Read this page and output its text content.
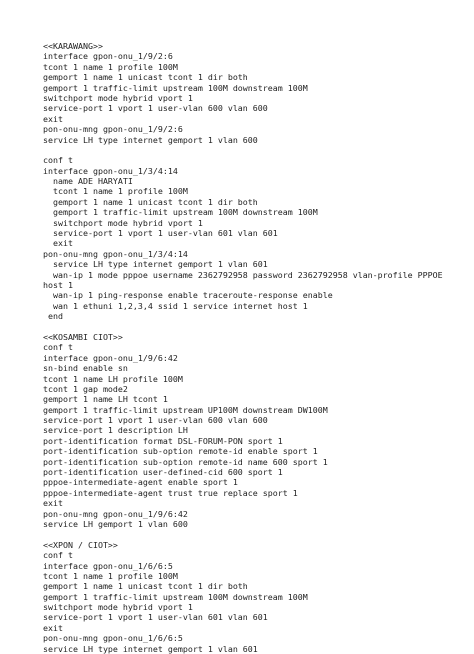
<<KARAWANG>>
interface gpon-onu_1/9/2:6
tcont 1 name 1 profile 100M
gemport 1 name 1 unicast tcont 1 dir both
gemport 1 traffic-limit upstream 100M downstream 100M
switchport mode hybrid vport 1
service-port 1 vport 1 user-vlan 600 vlan 600
exit
pon-onu-mng gpon-onu_1/9/2:6
service LH type internet gemport 1 vlan 600
conf t
interface gpon-onu_1/3/4:14
name ADE HARYATI
tcont 1 name 1 profile 100M
gemport 1 name 1 unicast tcont 1 dir both
gemport 1 traffic-limit upstream 100M downstream 100M
switchport mode hybrid vport 1
service-port 1 vport 1 user-vlan 601 vlan 601
exit
pon-onu-mng gpon-onu_1/3/4:14
service LH type internet gemport 1 vlan 601
wan-ip 1 mode pppoe username 2362792958 password 2362792958 vlan-profile PPPOE
host 1
wan-ip 1 ping-response enable traceroute-response enable
wan 1 ethuni 1,2,3,4 ssid 1 service internet host 1
end
<<KOSAMBI CIOT>>
conf t
interface gpon-onu_1/9/6:42
sn-bind enable sn
tcont 1 name LH profile 100M
tcont 1 gap mode2
gemport 1 name LH tcont 1
gemport 1 traffic-limit upstream UP100M downstream DW100M
service-port 1 vport 1 user-vlan 600 vlan 600
service-port 1 description LH
port-identification format DSL-FORUM-PON sport 1
port-identification sub-option remote-id enable sport 1
port-identification sub-option remote-id name 600 sport 1
port-identification user-defined-cid 600 sport 1
pppoe-intermediate-agent enable sport 1
pppoe-intermediate-agent trust true replace sport 1
exit
pon-onu-mng gpon-onu_1/9/6:42
service LH gemport 1 vlan 600
<<XPON / CIOT>>
conf t
interface gpon-onu_1/6/6:5
tcont 1 name 1 profile 100M
gemport 1 name 1 unicast tcont 1 dir both
gemport 1 traffic-limit upstream 100M downstream 100M
switchport mode hybrid vport 1
service-port 1 vport 1 user-vlan 601 vlan 601
exit
pon-onu-mng gpon-onu_1/6/6:5
service LH type internet gemport 1 vlan 601
